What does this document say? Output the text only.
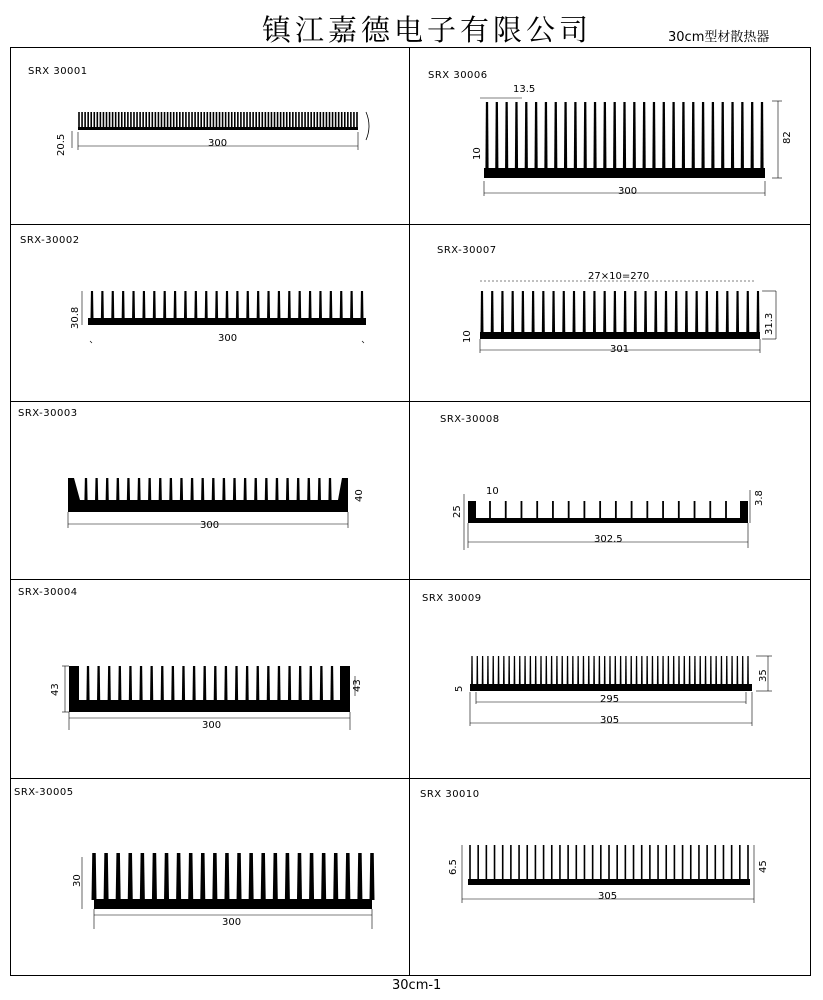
镇江嘉德电子有限公司	30cm型材散热器
SRX 30001
20.5	300
SRX 30006
13.5
10
82
300
SRX-30002
30.8
300
SRX-30007
27×10=270
10
31.3
301
SRX-30003
40
300
SRX-30008
10
25
3.8
302.5
SRX-30004
43	43
300
SRX 30009
5
35
295
305
SRX-30005
30
300
SRX 30010
6.5	45
305
30cm-1
